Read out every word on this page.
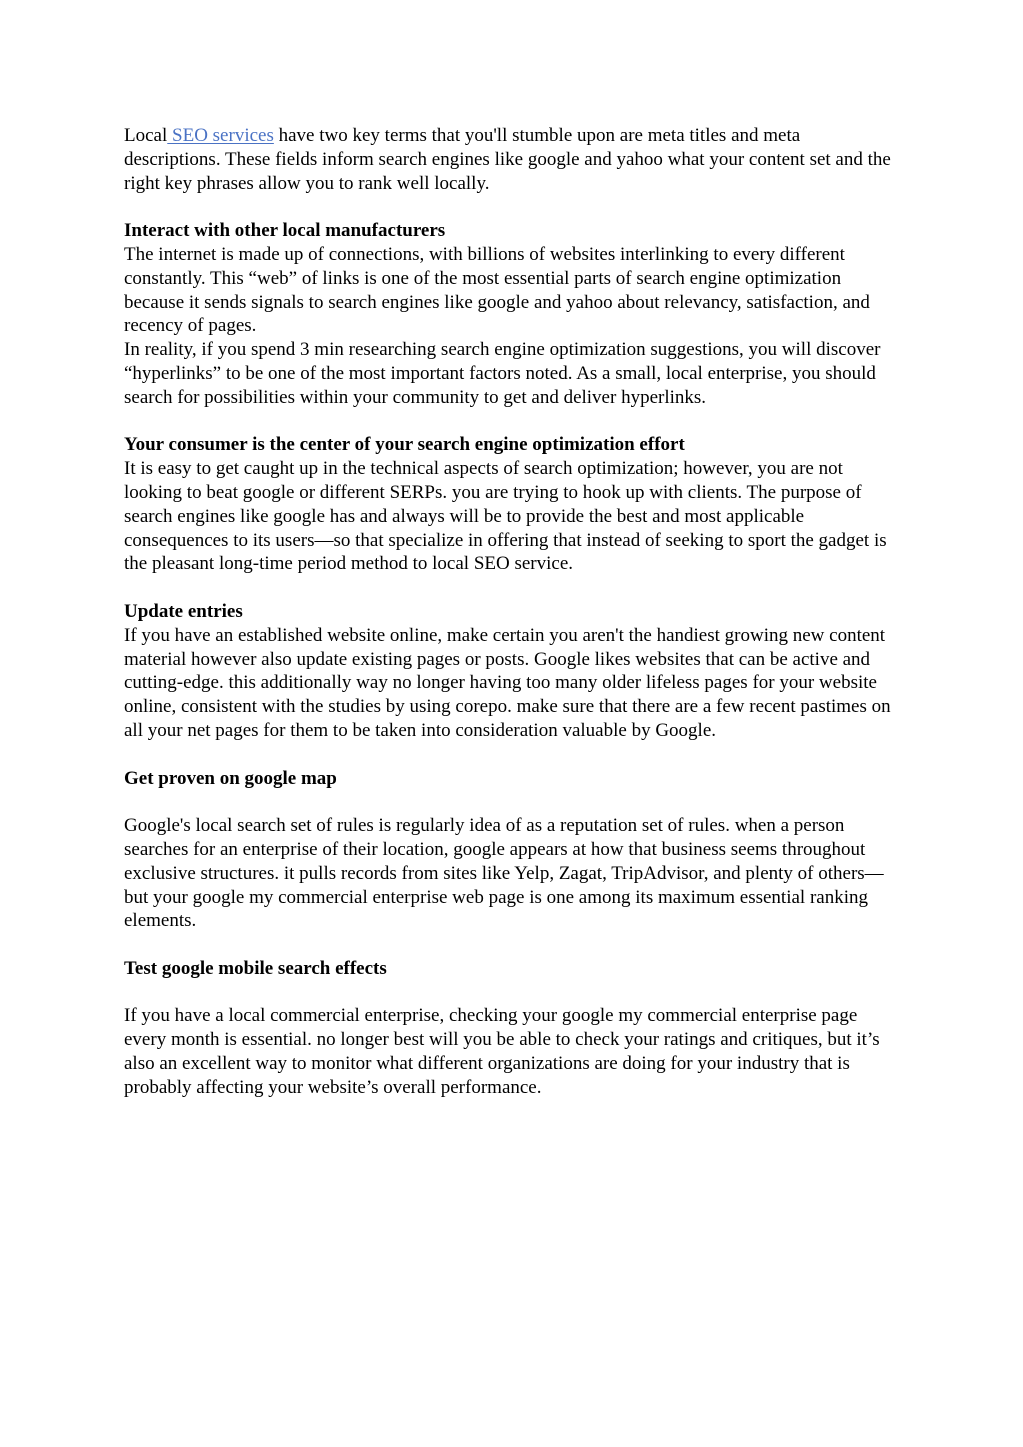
Local SEO services have two key terms that you'll stumble upon are meta titles and meta descriptions. These fields inform search engines like google and yahoo what your content set and the right key phrases allow you to rank well locally.

Interact with other local manufacturers

The internet is made up of connections, with billions of websites interlinking to every different constantly. This “web” of links is one of the most essential parts of search engine optimization because it sends signals to search engines like google and yahoo about relevancy, satisfaction, and recency of pages.

In reality, if you spend 3 min researching search engine optimization suggestions, you will discover “hyperlinks” to be one of the most important factors noted. As a small, local enterprise, you should search for possibilities within your community to get and deliver hyperlinks.

Your consumer is the center of your search engine optimization effort

It is easy to get caught up in the technical aspects of search optimization; however, you are not looking to beat google or different SERPs. you are trying to hook up with clients. The purpose of search engines like google has and always will be to provide the best and most applicable consequences to its users—so that specialize in offering that instead of seeking to sport the gadget is the pleasant long-time period method to local SEO service.

Update entries

If you have an established website online, make certain you aren't the handiest growing new content material however also update existing pages or posts. Google likes websites that can be active and cutting-edge. this additionally way no longer having too many older lifeless pages for your website online, consistent with the studies by using corepo. make sure that there are a few recent pastimes on all your net pages for them to be taken into consideration valuable by Google.

Get proven on google map

Google's local search set of rules is regularly idea of as a reputation set of rules. when a person searches for an enterprise of their location, google appears at how that business seems throughout exclusive structures. it pulls records from sites like Yelp, Zagat, TripAdvisor, and plenty of others—but your google my commercial enterprise web page is one among its maximum essential ranking elements.

Test google mobile search effects

If you have a local commercial enterprise, checking your google my commercial enterprise page every month is essential. no longer best will you be able to check your ratings and critiques, but it’s also an excellent way to monitor what different organizations are doing for your industry that is probably affecting your website’s overall performance.
